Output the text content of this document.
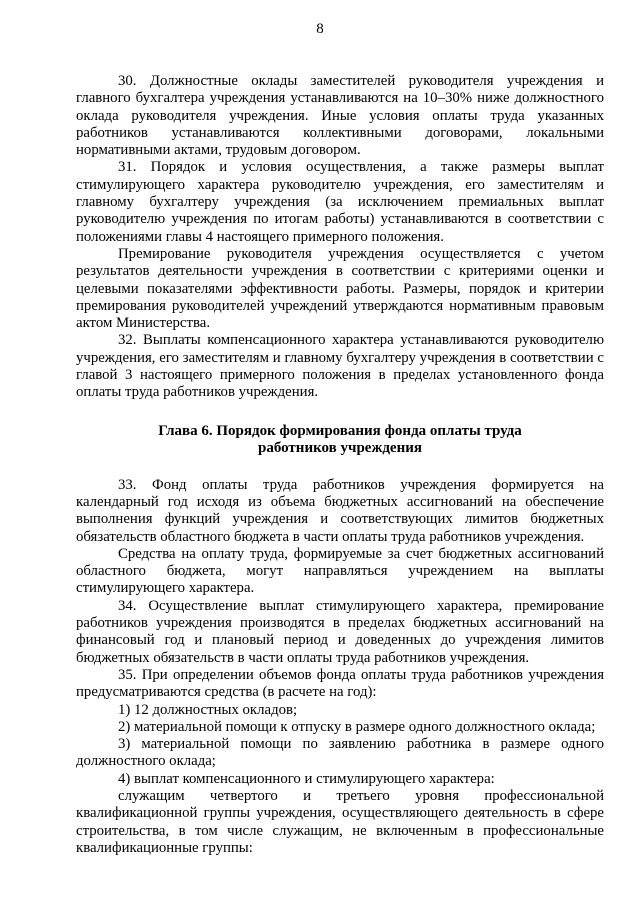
8

30. Должностные оклады заместителей руководителя учреждения и главного бухгалтера учреждения устанавливаются на 10–30% ниже должностного оклада руководителя учреждения. Иные условия оплаты труда указанных работников устанавливаются коллективными договорами, локальными нормативными актами, трудовым договором.

31. Порядок и условия осуществления, а также размеры выплат стимулирующего характера руководителю учреждения, его заместителям и главному бухгалтеру учреждения (за исключением премиальных выплат руководителю учреждения по итогам работы) устанавливаются в соответствии с положениями главы 4 настоящего примерного положения.

Премирование руководителя учреждения осуществляется с учетом результатов деятельности учреждения в соответствии с критериями оценки и целевыми показателями эффективности работы. Размеры, порядок и критерии премирования руководителей учреждений утверждаются нормативным правовым актом Министерства.

32. Выплаты компенсационного характера устанавливаются руководителю учреждения, его заместителям и главному бухгалтеру учреждения в соответствии с главой 3 настоящего примерного положения в пределах установленного фонда оплаты труда работников учреждения.

Глава 6. Порядок формирования фонда оплаты труда

работников учреждения

33. Фонд оплаты труда работников учреждения формируется на календарный год исходя из объема бюджетных ассигнований на обеспечение выполнения функций учреждения и соответствующих лимитов бюджетных обязательств областного бюджета в части оплаты труда работников учреждения.

Средства на оплату труда, формируемые за счет бюджетных ассигнований областного бюджета, могут направляться учреждением на выплаты стимулирующего характера.

34. Осуществление выплат стимулирующего характера, премирование работников учреждения производятся в пределах бюджетных ассигнований на финансовый год и плановый период и доведенных до учреждения лимитов бюджетных обязательств в части оплаты труда работников учреждения.

35. При определении объемов фонда оплаты труда работников учреждения предусматриваются средства (в расчете на год):

1) 12 должностных окладов;

2) материальной помощи к отпуску в размере одного должностного оклада;

3) материальной помощи по заявлению работника в размере одного должностного оклада;

4) выплат компенсационного и стимулирующего характера:

служащим четвертого и третьего уровня профессиональной квалификационной группы учреждения, осуществляющего деятельность в сфере строительства, в том числе служащим, не включенным в профессиональные квалификационные группы:
